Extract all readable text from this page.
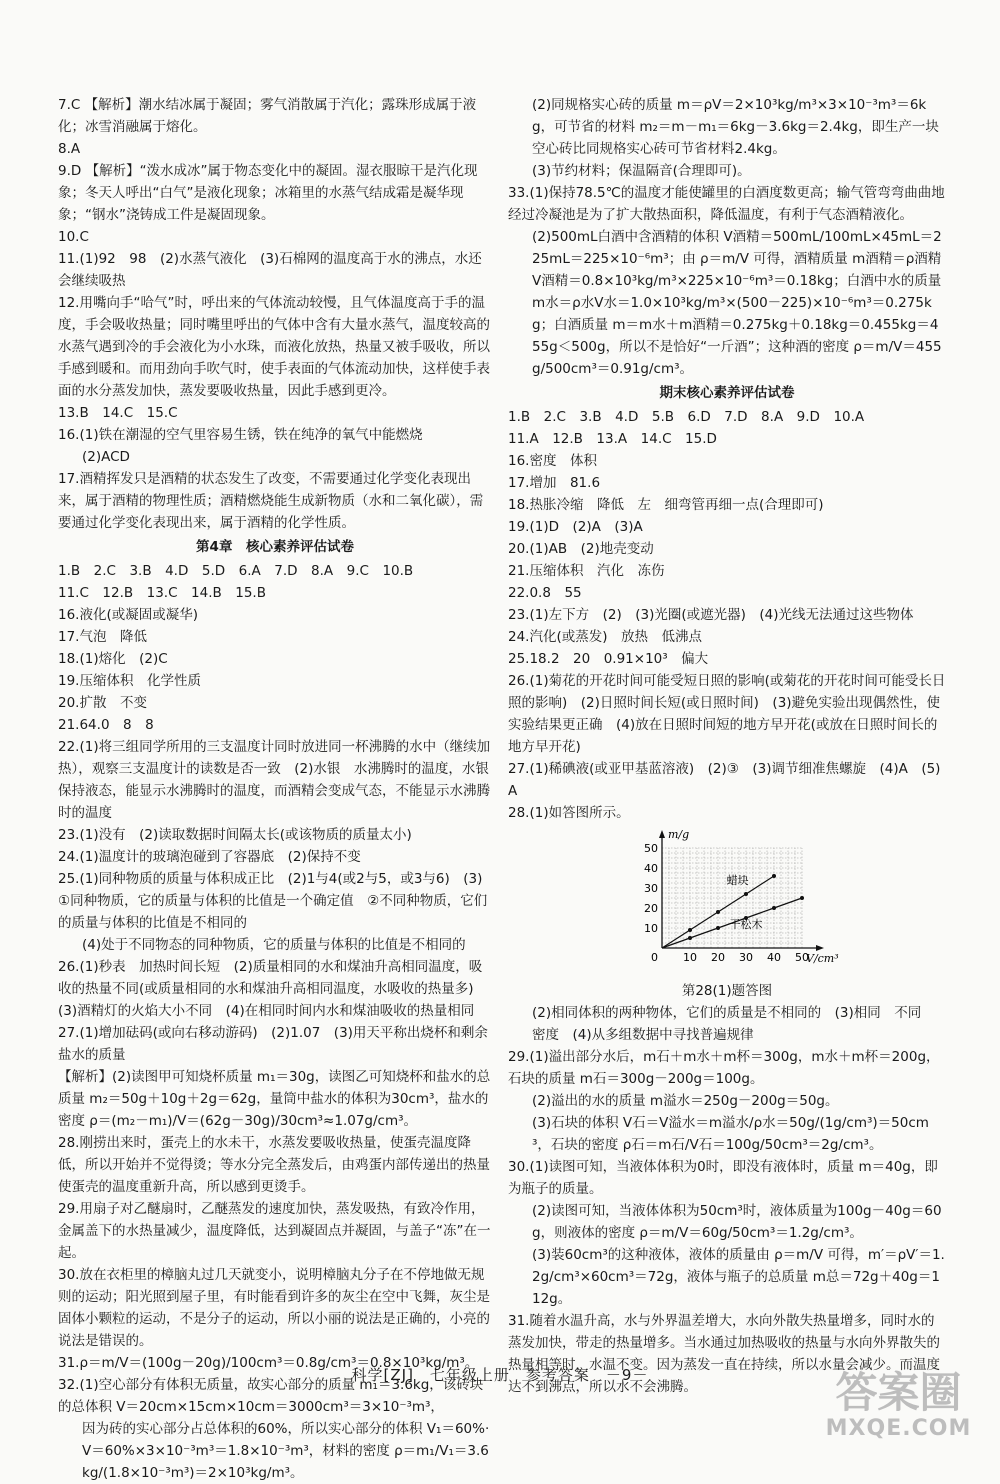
7.C 【解析】潮水结冰属于凝固；雾气消散属于汽化；露珠形成属于液化；冰雪消融属于熔化。
8.A
9.D 【解析】“泼水成冰”属于物态变化中的凝固。湿衣服晾干是汽化现象；冬天人呼出“白气”是液化现象；冰箱里的水蒸气结成霜是凝华现象；“钢水”浇铸成工件是凝固现象。
10.C
11.(1)92　98　(2)水蒸气液化　(3)石棉网的温度高于水的沸点，水还会继续吸热
12.用嘴向手“哈气”时，呼出来的气体流动较慢，且气体温度高于手的温度，手会吸收热量；同时嘴里呼出的气体中含有大量水蒸气，温度较高的水蒸气遇到冷的手会液化为小水珠，而液化放热，热量又被手吸收，所以手感到暖和。而用劲向手吹气时，使手表面的气体流动加快，这样使手表面的水分蒸发加快，蒸发要吸收热量，因此手感到更冷。
13.B　14.C　15.C
16.(1)铁在潮湿的空气里容易生锈，铁在纯净的氧气中能燃烧
(2)ACD
17.酒精挥发只是酒精的状态发生了改变，不需要通过化学变化表现出来，属于酒精的物理性质；酒精燃烧能生成新物质（水和二氧化碳），需要通过化学变化表现出来，属于酒精的化学性质。
第4章　核心素养评估试卷
1.B　2.C　3.B　4.D　5.D　6.A　7.D　8.A　9.C　10.B
11.C　12.B　13.C　14.B　15.B
16.液化(或凝固或凝华)
17.气泡　降低
18.(1)熔化　(2)C
19.压缩体积　化学性质
20.扩散　不变
21.64.0　8　8
22.(1)将三组同学所用的三支温度计同时放进同一杯沸腾的水中（继续加热），观察三支温度计的读数是否一致　(2)水银　水沸腾时的温度，水银保持液态，能显示水沸腾时的温度，而酒精会变成气态，不能显示水沸腾时的温度
23.(1)没有　(2)读取数据时间隔太长(或该物质的质量太小)
24.(1)温度计的玻璃泡碰到了容器底　(2)保持不变
25.(1)同种物质的质量与体积成正比　(2)1与4(或2与5，或3与6)　(3)①同种物质，它的质量与体积的比值是一个确定值　②不同种物质，它们的质量与体积的比值是不相同的
(4)处于不同物态的同种物质，它的质量与体积的比值是不相同的
26.(1)秒表　加热时间长短　(2)质量相同的水和煤油升高相同温度，吸收的热量不同(或质量相同的水和煤油升高相同温度，水吸收的热量多)　(3)酒精灯的火焰大小不同　(4)在相同时间内水和煤油吸收的热量相同
27.(1)增加砝码(或向右移动游码)　(2)1.07　(3)用天平称出烧杯和剩余盐水的质量
【解析】(2)读图甲可知烧杯质量 m₁＝30g，读图乙可知烧杯和盐水的总质量 m₂＝50g＋10g＋2g＝62g，量筒中盐水的体积为30cm³，盐水的密度 ρ＝(m₂－m₁)/V＝(62g－30g)/30cm³≈1.07g/cm³。
28.刚捞出来时，蛋壳上的水未干，水蒸发要吸收热量，使蛋壳温度降低，所以开始并不觉得烫；等水分完全蒸发后，由鸡蛋内部传递出的热量使蛋壳的温度重新升高，所以感到更烫手。
29.用扇子对乙醚扇时，乙醚蒸发的速度加快，蒸发吸热，有致冷作用，金属盖下的水热量减少，温度降低，达到凝固点并凝固，与盖子“冻”在一起。
30.放在衣柜里的樟脑丸过几天就变小，说明樟脑丸分子在不停地做无规则的运动；阳光照到屋子里，有时能看到许多的灰尘在空中飞舞，灰尘是固体小颗粒的运动，不是分子的运动，所以小丽的说法是正确的，小亮的说法是错误的。
31.ρ＝m/V＝(100g－20g)/100cm³＝0.8g/cm³＝0.8×10³kg/m³。
32.(1)空心部分有体积无质量，故实心部分的质量 m₁＝3.6kg，该砖块的总体积 V＝20cm×15cm×10cm＝3000cm³＝3×10⁻³m³，
因为砖的实心部分占总体积的60%，所以实心部分的体积 V₁＝60%·V＝60%×3×10⁻³m³＝1.8×10⁻³m³，材料的密度 ρ＝m₁/V₁＝3.6kg/(1.8×10⁻³m³)＝2×10³kg/m³。
(2)同规格实心砖的质量 m＝ρV＝2×10³kg/m³×3×10⁻³m³＝6kg，可节省的材料 m₂＝m－m₁＝6kg－3.6kg＝2.4kg，即生产一块空心砖比同规格实心砖可节省材料2.4kg。
(3)节约材料；保温隔音(合理即可)。
33.(1)保持78.5℃的温度才能使罐里的白酒度数更高；输气管弯弯曲曲地经过冷凝池是为了扩大散热面积，降低温度，有利于气态酒精液化。
(2)500mL白酒中含酒精的体积 V酒精＝500mL/100mL×45mL＝225mL＝225×10⁻⁶m³；由 ρ＝m/V 可得，酒精质量 m酒精＝ρ酒精V酒精＝0.8×10³kg/m³×225×10⁻⁶m³＝0.18kg；白酒中水的质量 m水＝ρ水V水＝1.0×10³kg/m³×(500－225)×10⁻⁶m³＝0.275kg；白酒质量 m＝m水＋m酒精＝0.275kg＋0.18kg＝0.455kg＝455g＜500g，所以不是恰好“一斤酒”；这种酒的密度 ρ＝m/V＝455g/500cm³＝0.91g/cm³。
期末核心素养评估试卷
1.B　2.C　3.B　4.D　5.B　6.D　7.D　8.A　9.D　10.A
11.A　12.B　13.A　14.C　15.D
16.密度　体积
17.增加　81.6
18.热胀冷缩　降低　左　细弯管再细一点(合理即可)
19.(1)D　(2)A　(3)A
20.(1)AB　(2)地壳变动
21.压缩体积　汽化　冻伤
22.0.8　55
23.(1)左下方　(2)　(3)光圈(或遮光器)　(4)光线无法通过这些物体
24.汽化(或蒸发)　放热　低沸点
25.18.2　20　0.91×10³　偏大
26.(1)菊花的开花时间可能受短日照的影响(或菊花的开花时间可能受长日照的影响)　(2)日照时间长短(或日照时间)　(3)避免实验出现偶然性，使实验结果更正确　(4)放在日照时间短的地方早开花(或放在日照时间长的地方早开花)
27.(1)稀碘液(或亚甲基蓝溶液)　(2)③　(3)调节细准焦螺旋　(4)A　(5)A
28.(1)如答图所示。
m/g
V/cm³
0 10 20 30 40 50
10
20
30
40
50
蜡块
干松木
第28(1)题答图
(2)相同体积的两种物体，它们的质量是不相同的　(3)相同　不同　密度　(4)从多组数据中寻找普遍规律
29.(1)溢出部分水后，m石＋m水＋m杯＝300g，m水＋m杯＝200g，石块的质量 m石＝300g－200g＝100g。
(2)溢出的水的质量 m溢水＝250g－200g＝50g。
(3)石块的体积 V石＝V溢水＝m溢水/ρ水＝50g/(1g/cm³)＝50cm³，石块的密度 ρ石＝m石/V石＝100g/50cm³＝2g/cm³。
30.(1)读图可知，当液体体积为0时，即没有液体时，质量 m＝40g，即为瓶子的质量。
(2)读图可知，当液体体积为50cm³时，液体质量为100g－40g＝60g，则液体的密度 ρ＝m/V＝60g/50cm³＝1.2g/cm³。
(3)装60cm³的这种液体，液体的质量由 ρ＝m/V 可得，m′＝ρV′＝1.2g/cm³×60cm³＝72g，液体与瓶子的总质量 m总＝72g＋40g＝112g。
31.随着水温升高，水与外界温差增大，水向外散失热量增多，同时水的蒸发加快，带走的热量增多。当水通过加热吸收的热量与水向外界散失的热量相等时，水温不变。因为蒸发一直在持续，所以水量会减少。而温度达不到沸点，所以水不会沸腾。
科学[ZJ]　七年级上册　参考答案　－9－	答案圈
MXQE.COM
